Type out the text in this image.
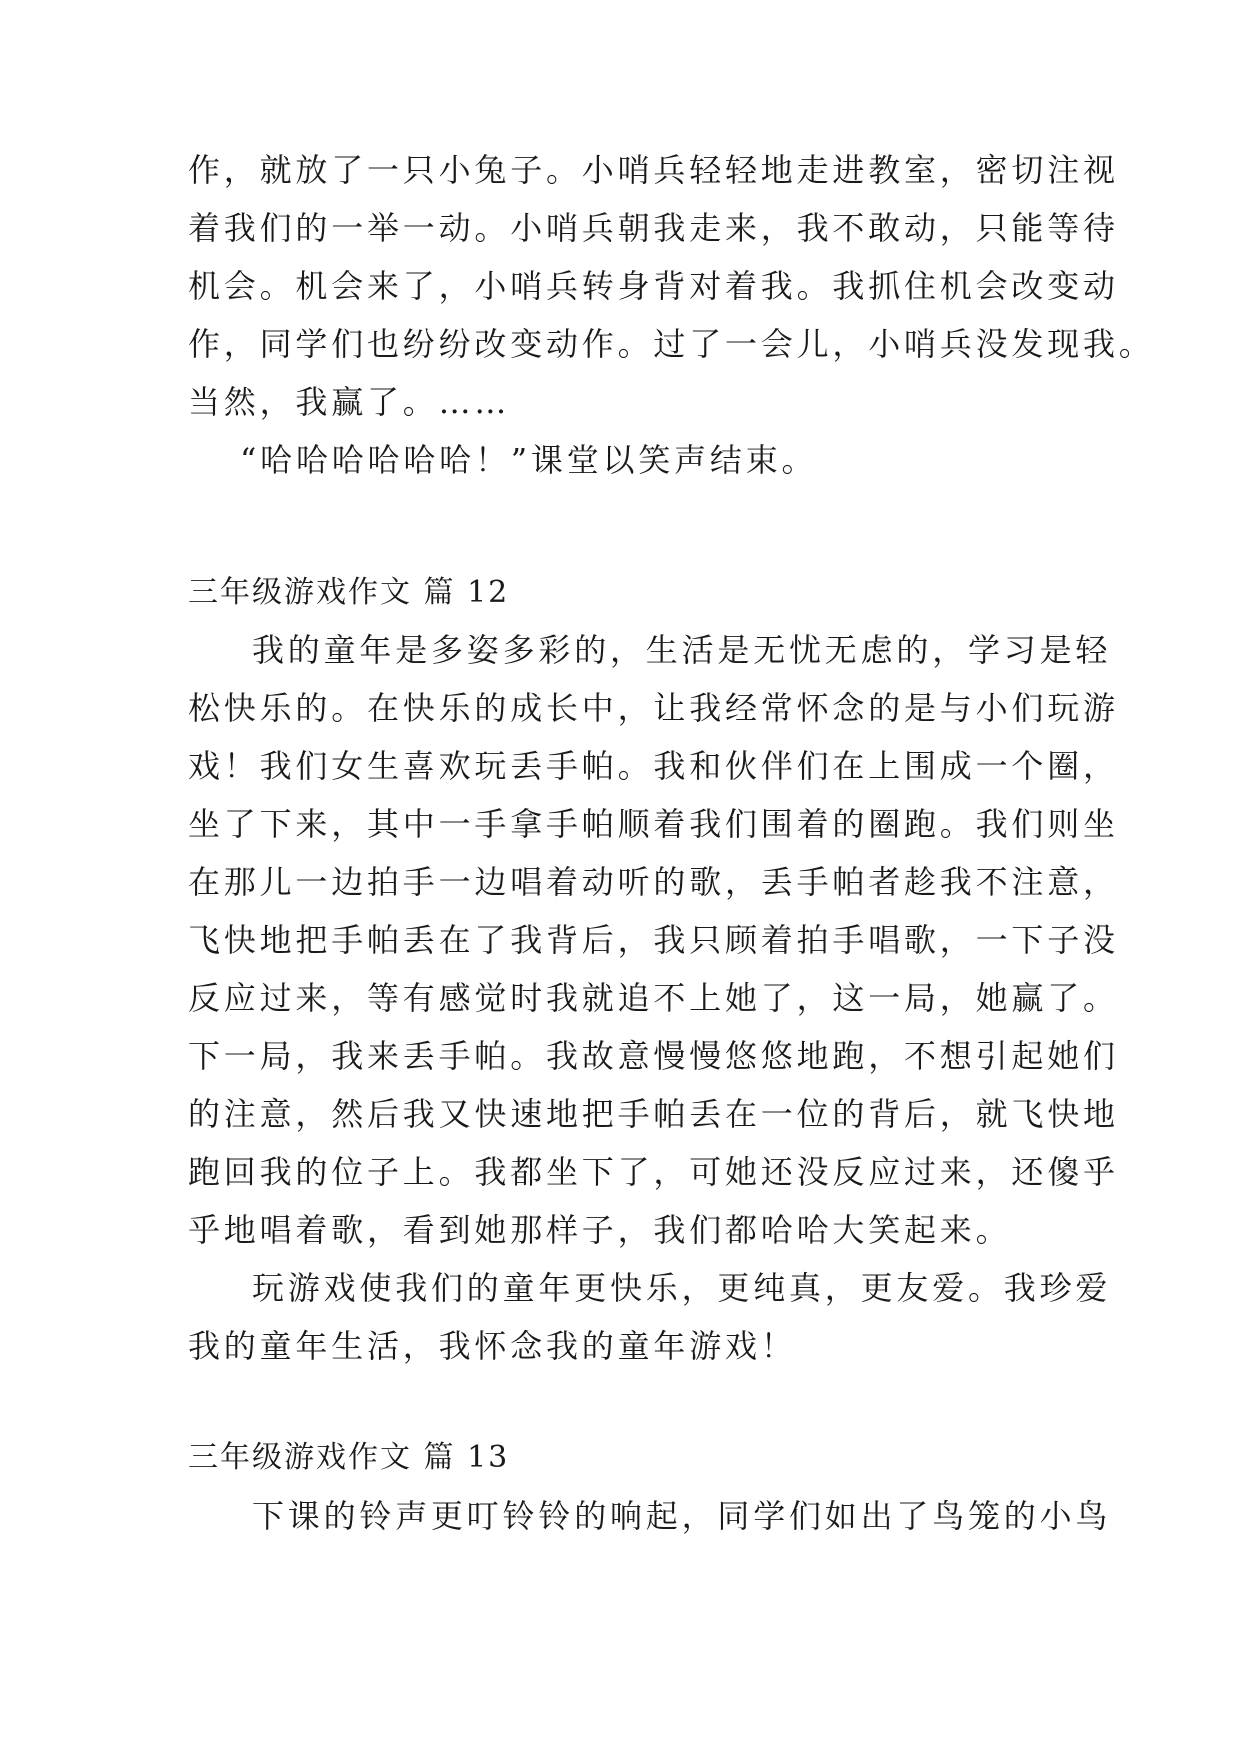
作，就放了一只小兔子。小哨兵轻轻地走进教室，密切注视
着我们的一举一动。小哨兵朝我走来，我不敢动，只能等待
机会。机会来了，小哨兵转身背对着我。我抓住机会改变动
作，同学们也纷纷改变动作。过了一会儿，小哨兵没发现我。
当然，我赢了。……
“哈哈哈哈哈哈！”课堂以笑声结束。
三年级游戏作文 篇 12
我的童年是多姿多彩的，生活是无忧无虑的，学习是轻
松快乐的。在快乐的成长中，让我经常怀念的是与小们玩游
戏！我们女生喜欢玩丢手帕。我和伙伴们在上围成一个圈，
坐了下来，其中一手拿手帕顺着我们围着的圈跑。我们则坐
在那儿一边拍手一边唱着动听的歌，丢手帕者趁我不注意，
飞快地把手帕丢在了我背后，我只顾着拍手唱歌，一下子没
反应过来，等有感觉时我就追不上她了，这一局，她赢了。
下一局，我来丢手帕。我故意慢慢悠悠地跑，不想引起她们
的注意，然后我又快速地把手帕丢在一位的背后，就飞快地
跑回我的位子上。我都坐下了，可她还没反应过来，还傻乎
乎地唱着歌，看到她那样子，我们都哈哈大笑起来。
玩游戏使我们的童年更快乐，更纯真，更友爱。我珍爱
我的童年生活，我怀念我的童年游戏！
三年级游戏作文 篇 13
下课的铃声更叮铃铃的响起，同学们如出了鸟笼的小鸟
